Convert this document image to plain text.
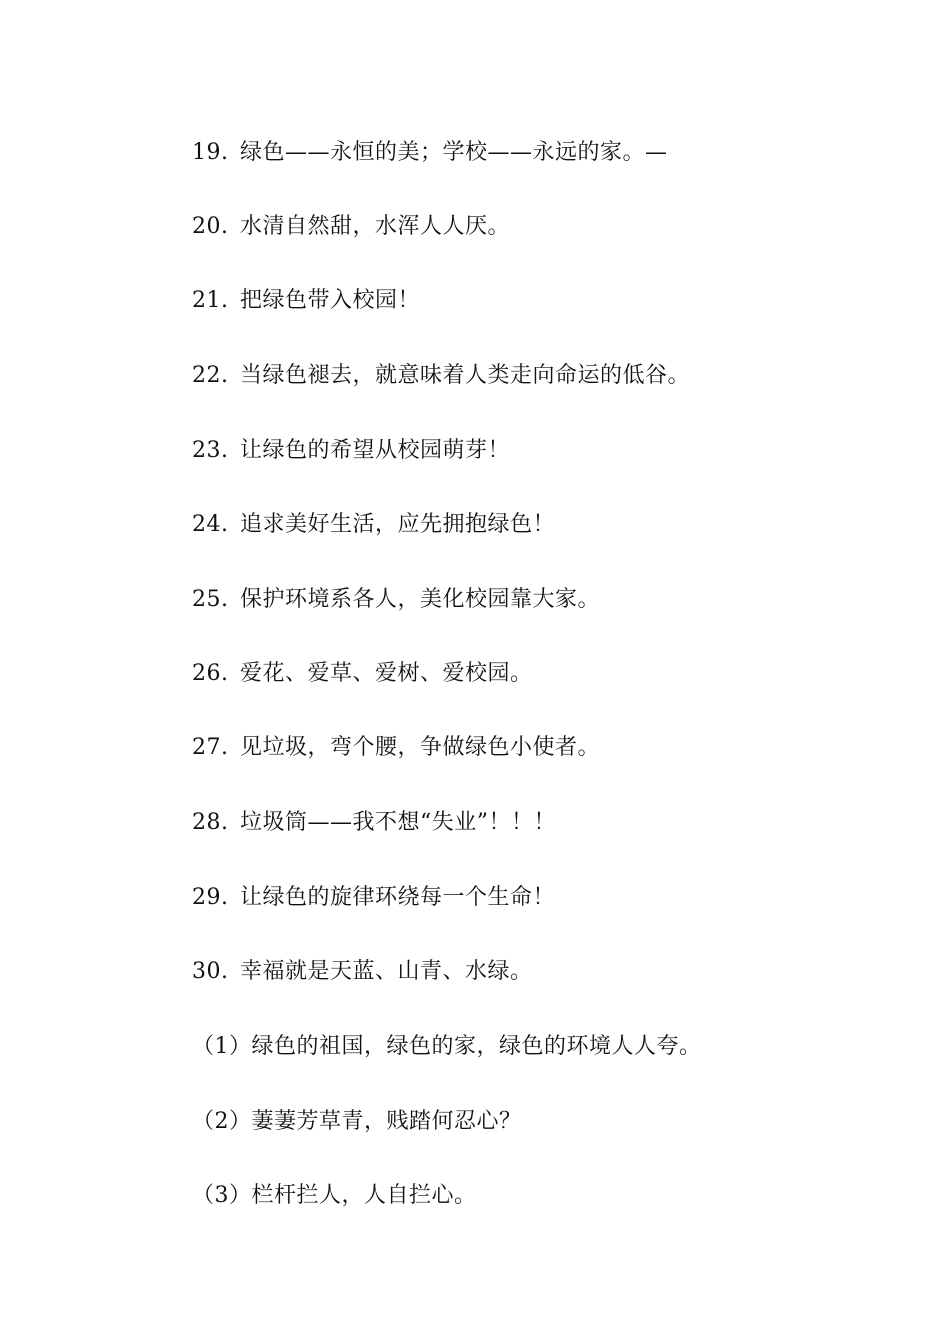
19. 绿色——永恒的美；学校——永远的家。—
20. 水清自然甜，水浑人人厌。
21. 把绿色带入校园！
22. 当绿色褪去，就意味着人类走向命运的低谷。
23. 让绿色的希望从校园萌芽！
24. 追求美好生活，应先拥抱绿色！
25. 保护环境系各人，美化校园靠大家。
26. 爱花、爱草、爱树、爱校园。
27. 见垃圾，弯个腰，争做绿色小使者。
28. 垃圾筒——我不想“失业”！！！
29. 让绿色的旋律环绕每一个生命！
30. 幸福就是天蓝、山青、水绿。
（1）绿色的祖国，绿色的家，绿色的环境人人夸。
（2）萋萋芳草青，贱踏何忍心？
（3）栏杆拦人，人自拦心。
